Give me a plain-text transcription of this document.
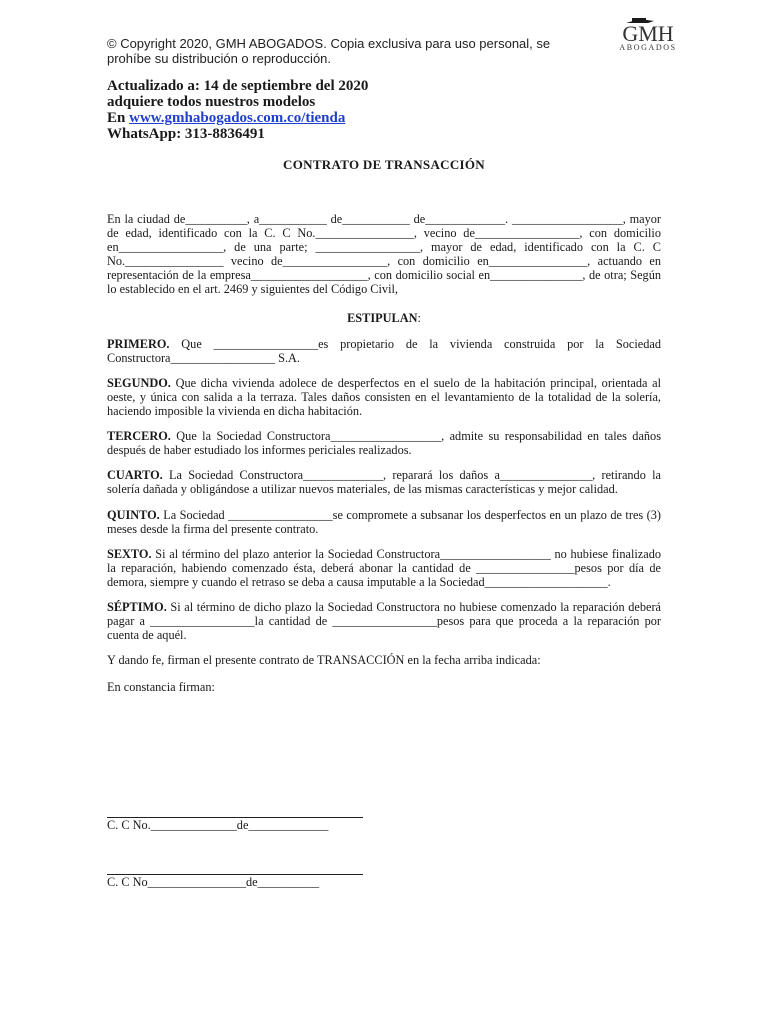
© Copyright 2020, GMH ABOGADOS. Copia exclusiva para uso personal, se prohíbe su distribución o reproducción.
GMH
ABOGADOS
Actualizado a: 14 de septiembre del 2020
adquiere todos nuestros modelos
En www.gmhabogados.com.co/tienda
WhatsApp: 313-8836491
CONTRATO DE TRANSACCIÓN

En la ciudad de__________, a___________ de___________ de_____________. __________________, mayor de edad, identificado con la C. C No.________________, vecino de_________________, con domicilio en_________________, de una parte; _________________, mayor de edad, identificado con la C. C No.________________ vecino de_________________, con domicilio en________________, actuando en representación de la empresa___________________, con domicilio social en_______________, de otra; Según lo establecido en el art. 2469 y siguientes del Código Civil,

ESTIPULAN:

PRIMERO. Que _________________es propietario de la vivienda construida por la Sociedad Constructora_________________ S.A.

SEGUNDO. Que dicha vivienda adolece de desperfectos en el suelo de la habitación principal, orientada al oeste, y única con salida a la terraza. Tales daños consisten en el levantamiento de la totalidad de la solería, haciendo imposible la vivienda en dicha habitación.

TERCERO. Que la Sociedad Constructora__________________, admite su responsabilidad en tales daños después de haber estudiado los informes periciales realizados.

CUARTO. La Sociedad Constructora_____________, reparará los daños a_______________, retirando la solería dañada y obligándose a utilizar nuevos materiales, de las mismas características y mejor calidad.

QUINTO. La Sociedad _________________se compromete a subsanar los desperfectos en un plazo de tres (3) meses desde la firma del presente contrato.

SEXTO. Si al término del plazo anterior la Sociedad Constructora__________________ no hubiese finalizado la reparación, habiendo comenzado ésta, deberá abonar la cantidad de ________________pesos por día de demora, siempre y cuando el retraso se deba a causa imputable a la Sociedad____________________.

SÉPTIMO. Si al término de dicho plazo la Sociedad Constructora no hubiese comenzado la reparación deberá pagar a _________________la cantidad de _________________pesos para que proceda a la reparación por cuenta de aquél.

Y dando fe, firman el presente contrato de TRANSACCIÓN en la fecha arriba indicada:

En constancia firman:

C. C No.______________de_____________
C. C No________________de__________
